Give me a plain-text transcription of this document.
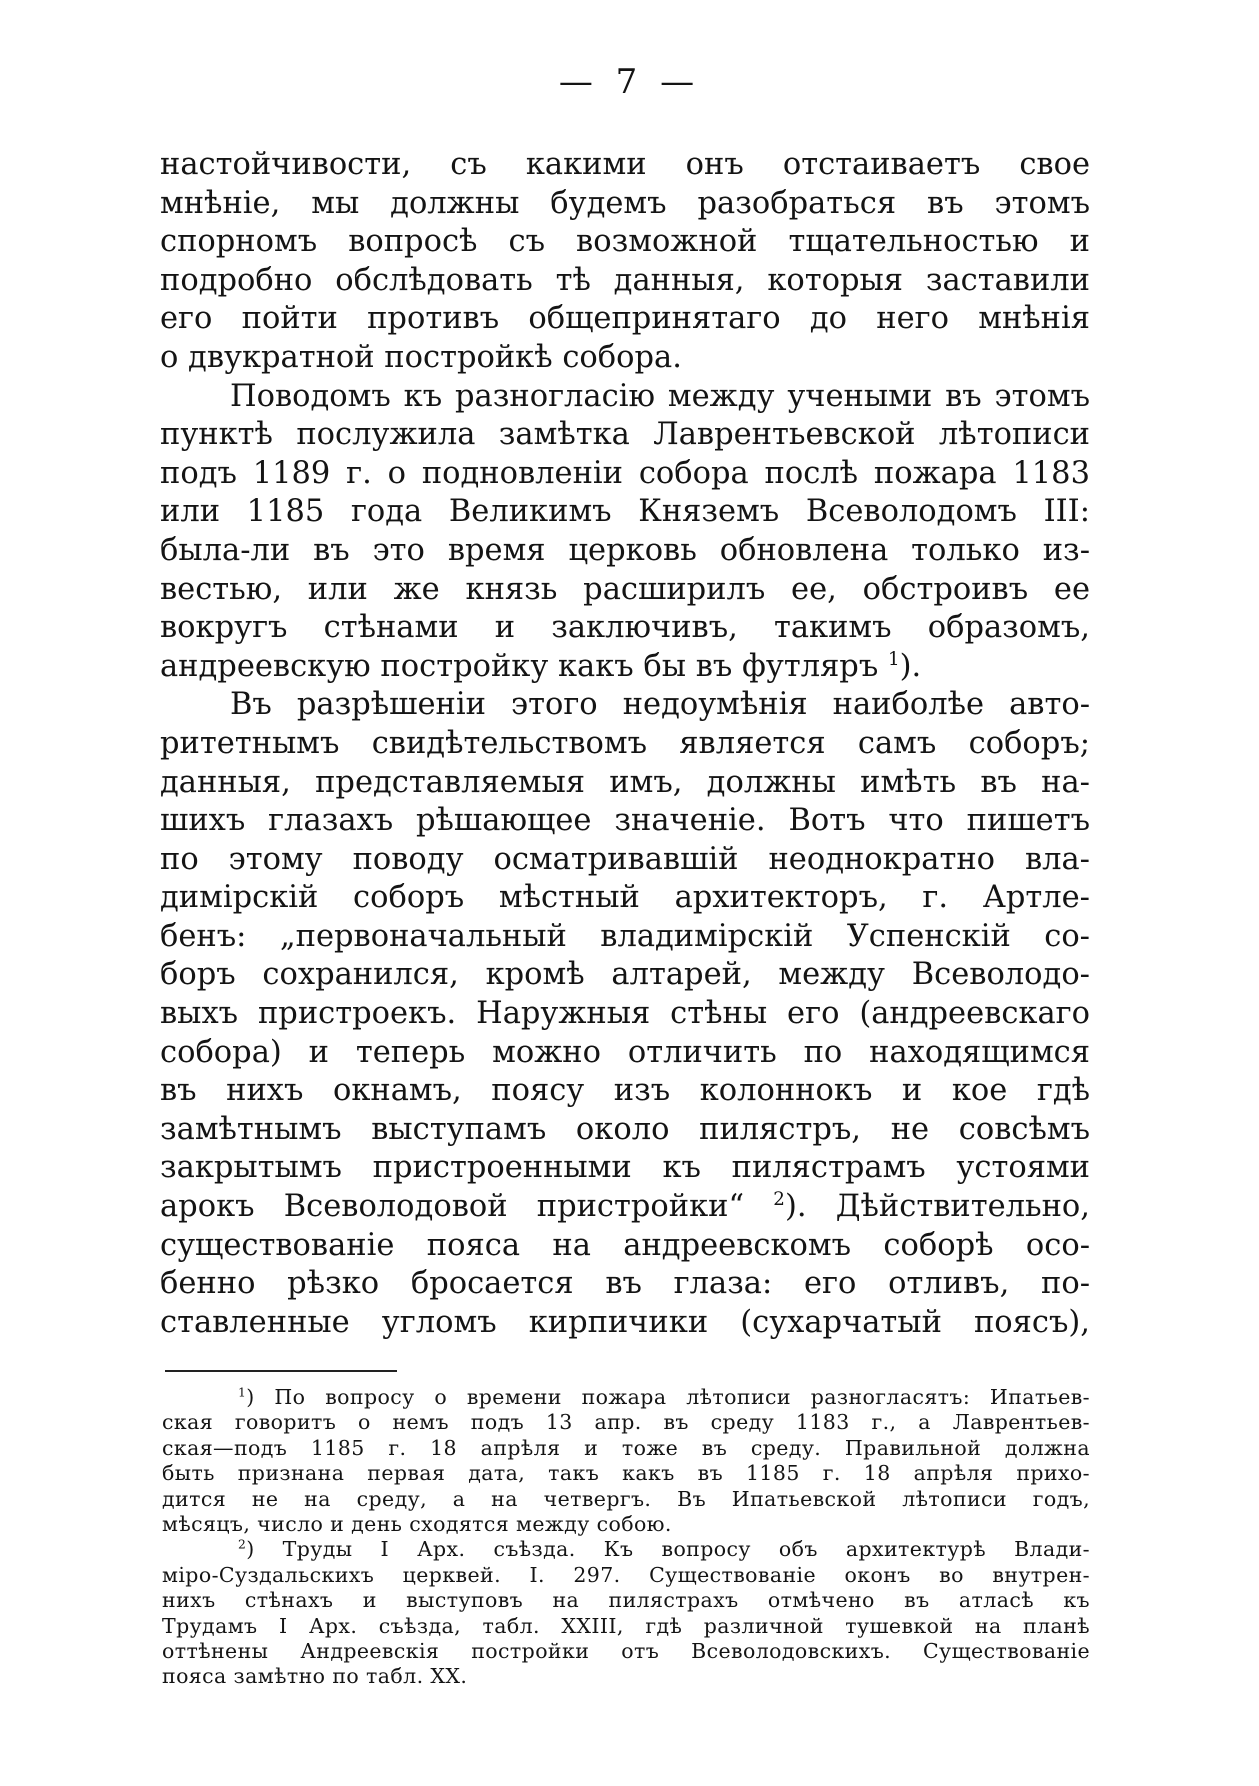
— 7 —
настойчивости, съ какими онъ отстаиваетъ свое
мнѣніе, мы должны будемъ разобраться въ этомъ
спорномъ вопросѣ съ возможной тщательностью и
подробно обслѣдовать тѣ данныя, которыя заставили
его пойти противъ общепринятаго до него мнѣнія
о двукратной постройкѣ собора.
Поводомъ къ разногласію между учеными въ этомъ
пунктѣ послужила замѣтка Лаврентьевской лѣтописи
подъ 1189 г. о подновленіи собора послѣ пожара 1183
или 1185 года Великимъ Княземъ Всеволодомъ III:
была-ли въ это время церковь обновлена только из-
вестью, или же князь расширилъ ее, обстроивъ ее
вокругъ стѣнами и заключивъ, такимъ образомъ,
андреевскую постройку какъ бы въ футляръ $^1$).
Въ разрѣшеніи этого недоумѣнія наиболѣе авто-
ритетнымъ свидѣтельствомъ является самъ соборъ;
данныя, представляемыя имъ, должны имѣть въ на-
шихъ глазахъ рѣшающее значеніе. Вотъ что пишетъ
по этому поводу осматривавшій неоднократно вла-
димірскій соборъ мѣстный архитекторъ, г. Артле-
бенъ: „первоначальный владимірскій Успенскій со-
боръ сохранился, кромѣ алтарей, между Всеволодо-
выхъ пристроекъ. Наружныя стѣны его (андреевскаго
собора) и теперь можно отличить по находящимся
въ нихъ окнамъ, поясу изъ колоннокъ и кое гдѣ
замѣтнымъ выступамъ около пилястръ, не совсѣмъ
закрытымъ пристроенными къ пилястрамъ устоями
арокъ Всеволодовой пристройки“ $^2$). Дѣйствительно,
существованіе пояса на андреевскомъ соборѣ осо-
бенно рѣзко бросается въ глаза: его отливъ, по-
ставленные угломъ кирпичики (сухарчатый поясъ),
$^1$) По вопросу о времени пожара лѣтописи разногласятъ: Ипатьев-
ская говоритъ о немъ подъ 13 апр. въ среду 1183 г., а Лаврентьев-
ская—подъ 1185 г. 18 апрѣля и тоже въ среду. Правильной должна
быть признана первая дата, такъ какъ въ 1185 г. 18 апрѣля прихо-
дится не на среду, а на четвергъ. Въ Ипатьевской лѣтописи годъ,
мѣсяцъ, число и день сходятся между собою.
$^2$) Труды I Арх. съѣзда. Къ вопросу объ архитектурѣ Влади-
міро-Суздальскихъ церквей. I. 297. Существованіе оконъ во внутрен-
нихъ стѣнахъ и выступовъ на пилястрахъ отмѣчено въ атласѣ къ
Трудамъ I Арх. съѣзда, табл. XXIII, гдѣ различной тушевкой на планѣ
оттѣнены Андреевскія постройки отъ Всеволодовскихъ. Существованіе
пояса замѣтно по табл. XX.
